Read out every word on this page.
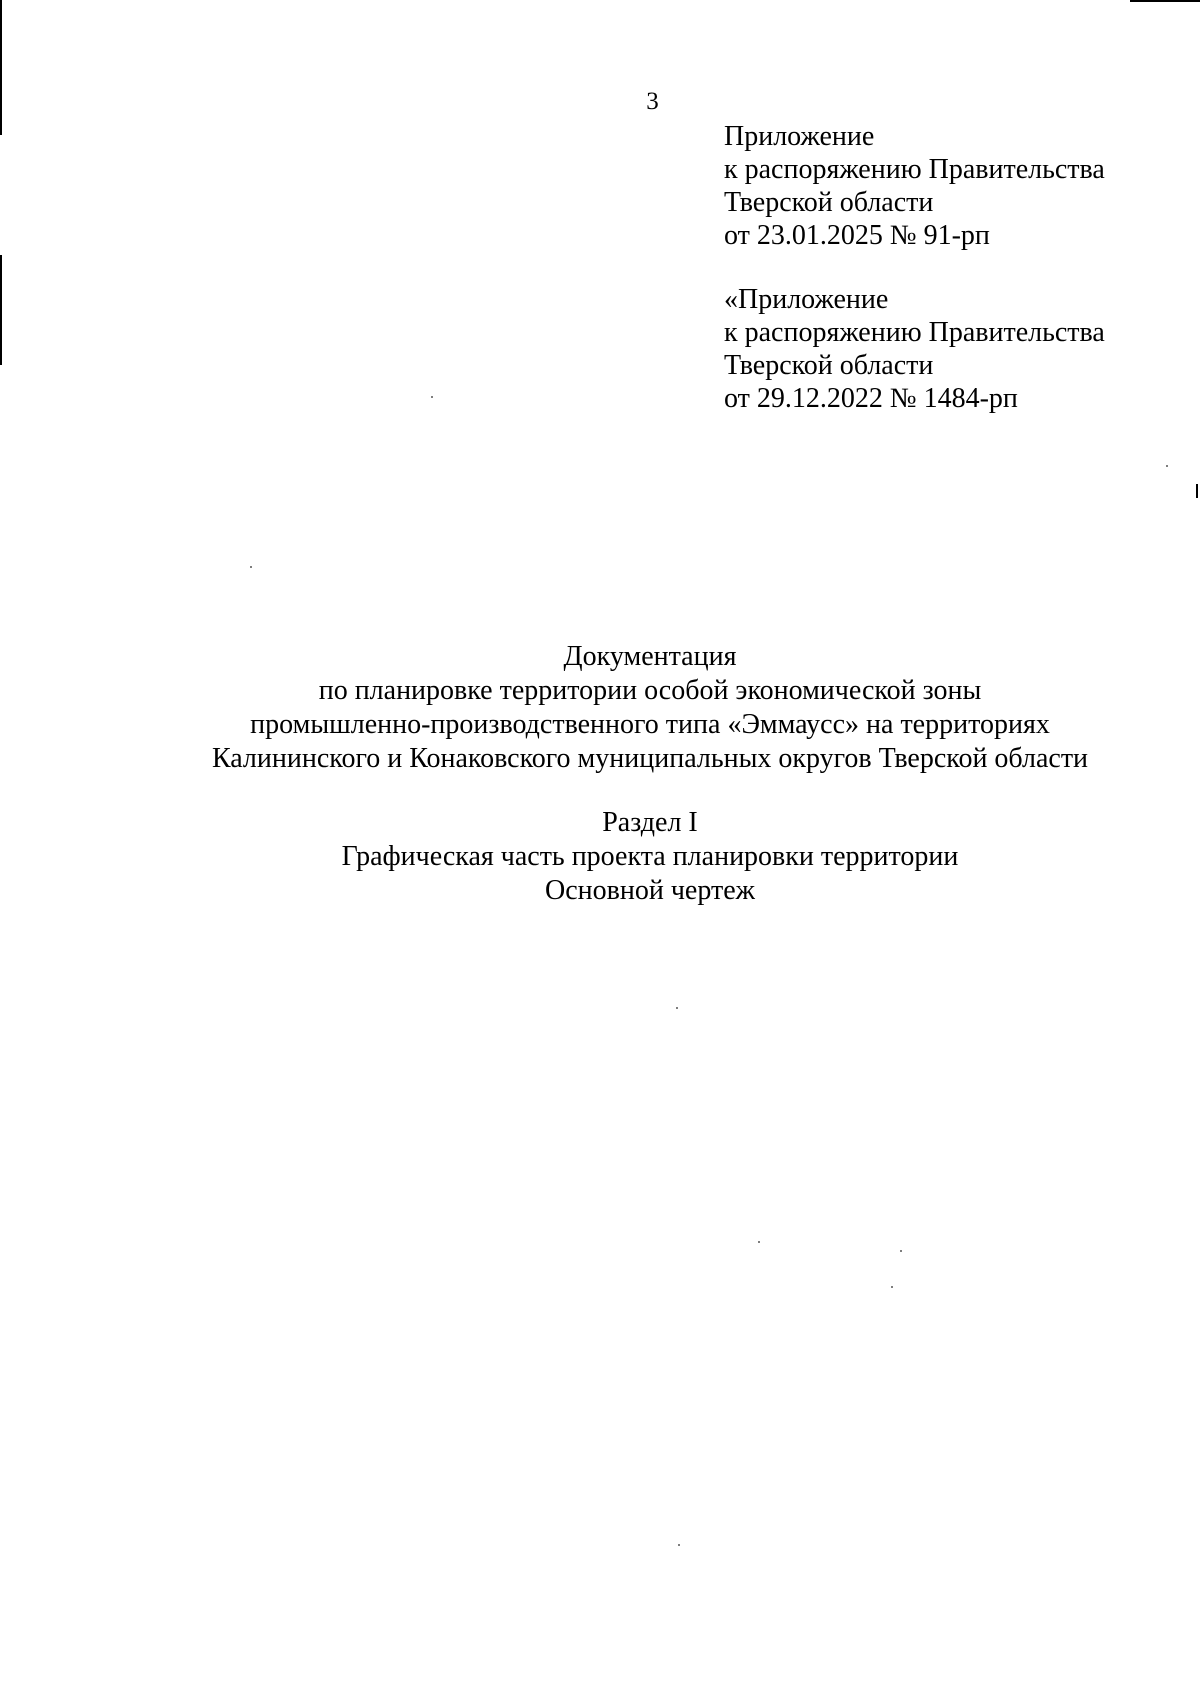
3
Приложение
к распоряжению Правительства
Тверской области
от 23.01.2025 № 91-рп
«Приложение
к распоряжению Правительства
Тверской области
от 29.12.2022 № 1484-рп
Документация
по планировке территории особой экономической зоны
промышленно-производственного типа «Эммаусс» на территориях
Калининского и Конаковского муниципальных округов Тверской области
Раздел I
Графическая часть проекта планировки территории
Основной чертеж
